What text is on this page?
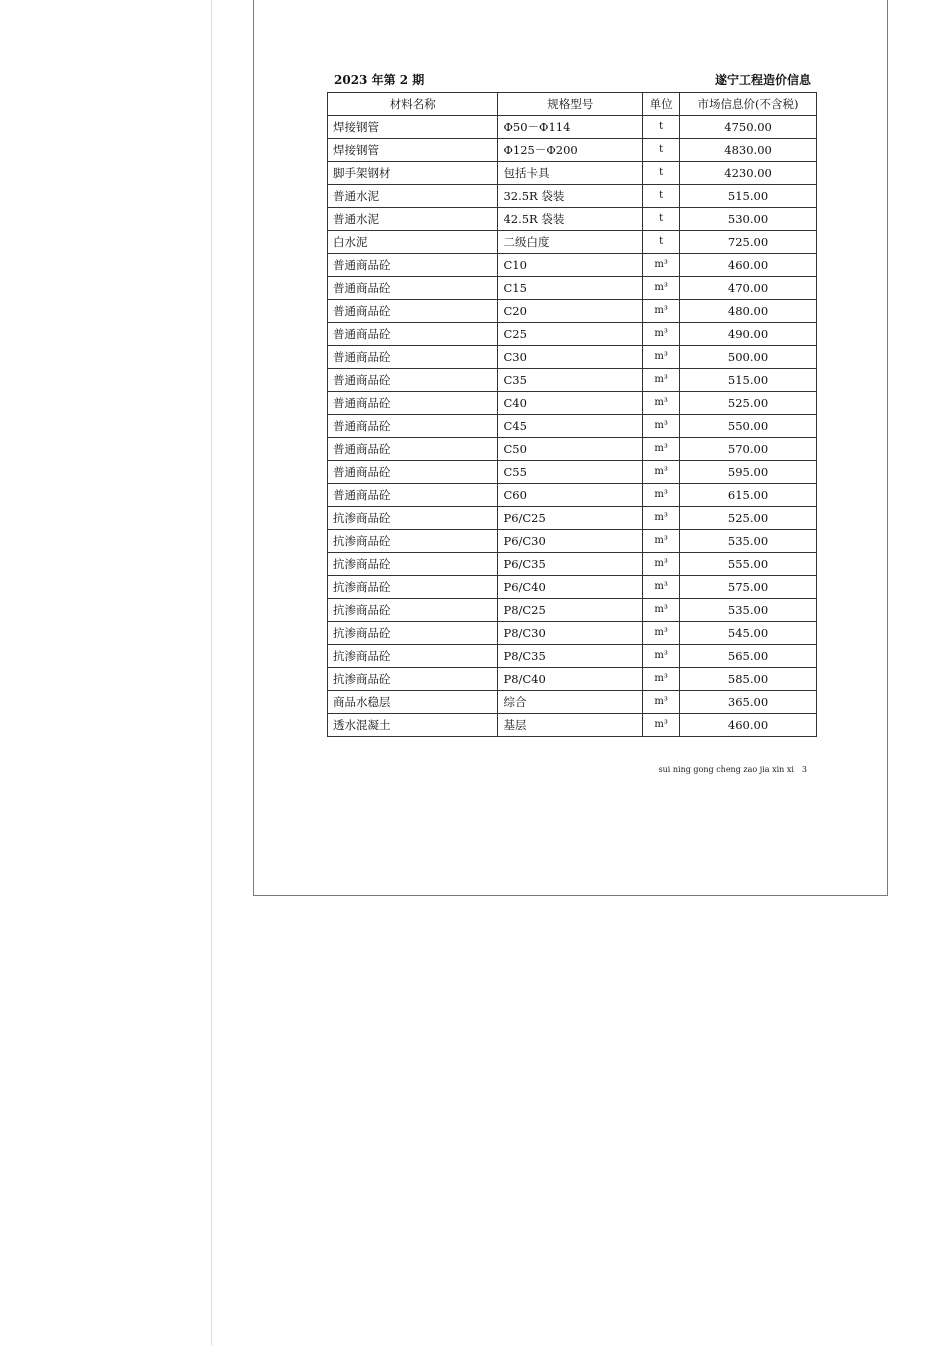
2023 年第 2 期	遂宁工程造价信息
材料名称	规格型号	单位	市场信息价(不含税)
焊接钢管	Φ50－Φ114	t	4750.00
焊接钢管	Φ125－Φ200	t	4830.00
脚手架钢材	包括卡具	t	4230.00
普通水泥	32.5R 袋装	t	515.00
普通水泥	42.5R 袋装	t	530.00
白水泥	二级白度	t	725.00
普通商品砼	C10	m³	460.00
普通商品砼	C15	m³	470.00
普通商品砼	C20	m³	480.00
普通商品砼	C25	m³	490.00
普通商品砼	C30	m³	500.00
普通商品砼	C35	m³	515.00
普通商品砼	C40	m³	525.00
普通商品砼	C45	m³	550.00
普通商品砼	C50	m³	570.00
普通商品砼	C55	m³	595.00
普通商品砼	C60	m³	615.00
抗渗商品砼	P6/C25	m³	525.00
抗渗商品砼	P6/C30	m³	535.00
抗渗商品砼	P6/C35	m³	555.00
抗渗商品砼	P6/C40	m³	575.00
抗渗商品砼	P8/C25	m³	535.00
抗渗商品砼	P8/C30	m³	545.00
抗渗商品砼	P8/C35	m³	565.00
抗渗商品砼	P8/C40	m³	585.00
商品水稳层	综合	m³	365.00
透水混凝土	基层	m³	460.00
sui ning gong cheng zao jia xin xi 3
